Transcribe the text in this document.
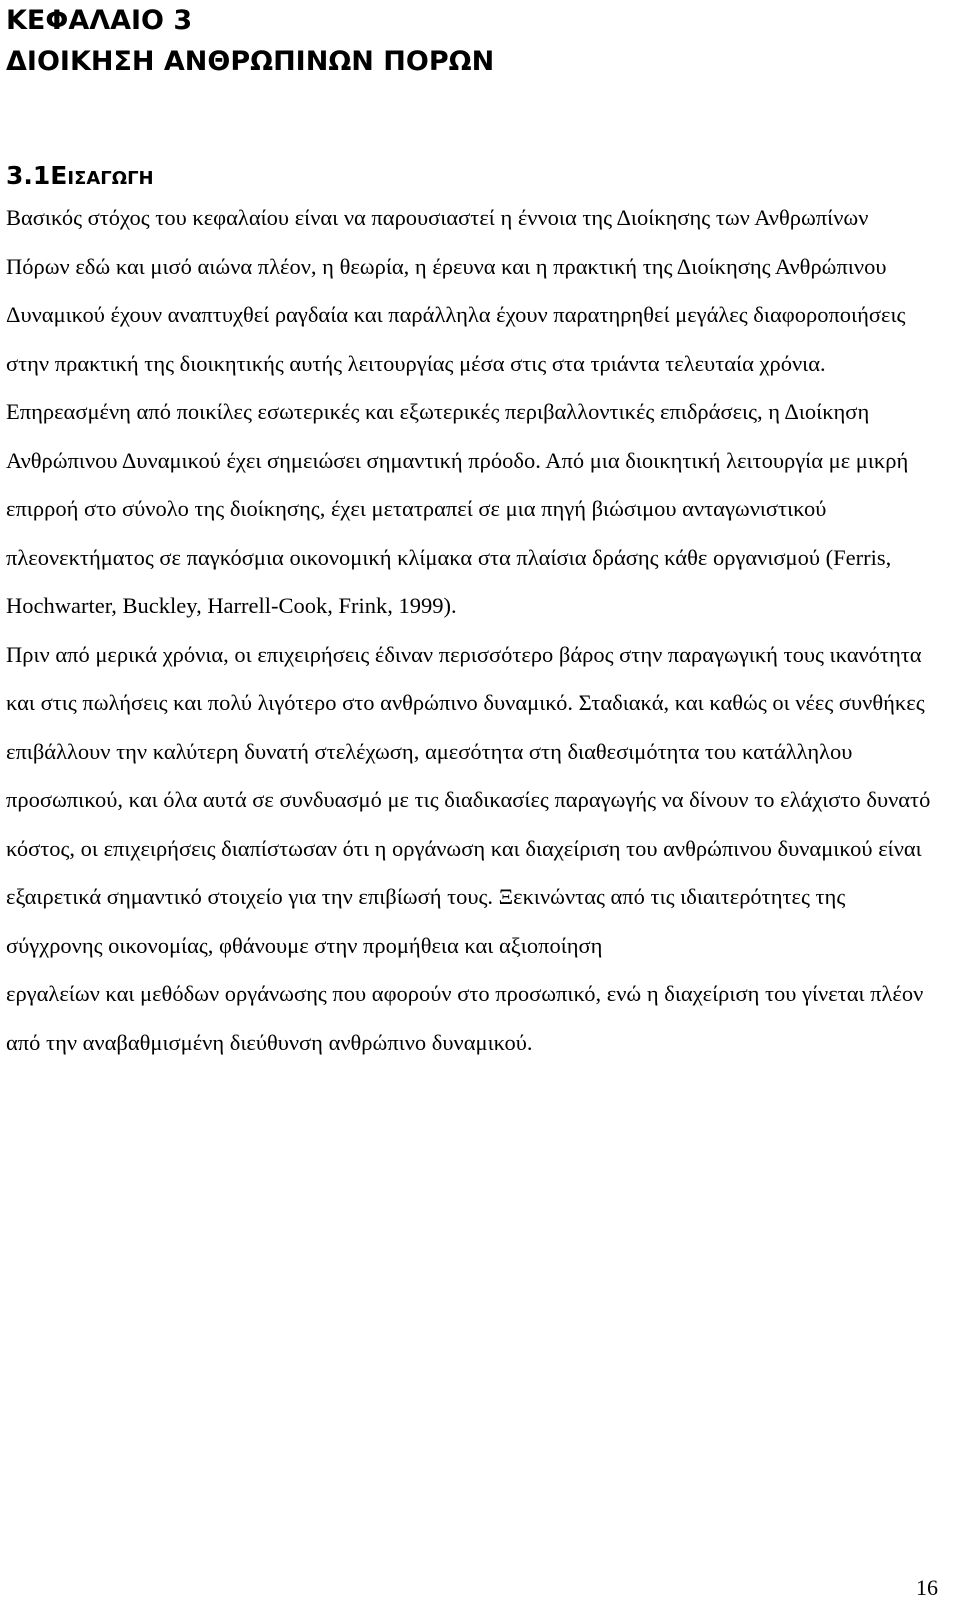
ΚΕΦΑΛΑΙΟ 3
ΔΙΟΙΚΗΣΗ ΑΝΘΡΩΠΙΝΩΝ ΠΟΡΩΝ
3.1Εισαγωγη

Βασικός στόχος του κεφαλαίου είναι να παρουσιαστεί η έννοια της Διοίκησης των Ανθρωπίνων Πόρων εδώ και μισό αιώνα πλέον, η θεωρία, η έρευνα και η πρακτική της Διοίκησης Ανθρώπινου Δυναμικού έχουν αναπτυχθεί ραγδαία και παράλληλα έχουν παρατηρηθεί μεγάλες διαφοροποιήσεις στην πρακτική της διοικητικής αυτής λειτουργίας μέσα στις στα τριάντα τελευταία χρόνια. Επηρεασμένη από ποικίλες εσωτερικές και εξωτερικές περιβαλλοντικές επιδράσεις, η Διοίκηση Ανθρώπινου Δυναμικού έχει σημειώσει σημαντική πρόοδο. Από μια διοικητική λειτουργία με μικρή επιρροή στο σύνολο της διοίκησης, έχει μετατραπεί σε μια πηγή βιώσιμου ανταγωνιστικού πλεονεκτήματος σε παγκόσμια οικονομική κλίμακα στα πλαίσια δράσης κάθε οργανισμού (Ferris, Hochwarter, Buckley, Harrell-Cook, Frink, 1999).

Πριν από μερικά χρόνια, οι επιχειρήσεις έδιναν περισσότερο βάρος στην παραγωγική τους ικανότητα και στις πωλήσεις και πολύ λιγότερο στο ανθρώπινο δυναμικό. Σταδιακά, και καθώς οι νέες συνθήκες επιβάλλουν την καλύτερη δυνατή στελέχωση, αμεσότητα στη διαθεσιμότητα του κατάλληλου προσωπικού, και όλα αυτά σε συνδυασμό με τις διαδικασίες παραγωγής να δίνουν το ελάχιστο δυνατό κόστος, οι επιχειρήσεις διαπίστωσαν ότι η οργάνωση και διαχείριση του ανθρώπινου δυναμικού είναι εξαιρετικά σημαντικό στοιχείο για την επιβίωσή τους. Ξεκινώντας από τις ιδιαιτερότητες της σύγχρονης οικονομίας, φθάνουμε στην προμήθεια και αξιοποίηση

εργαλείων και μεθόδων οργάνωσης που αφορούν στο προσωπικό, ενώ η διαχείριση του γίνεται πλέον από την αναβαθμισμένη διεύθυνση ανθρώπινο δυναμικού.

16
